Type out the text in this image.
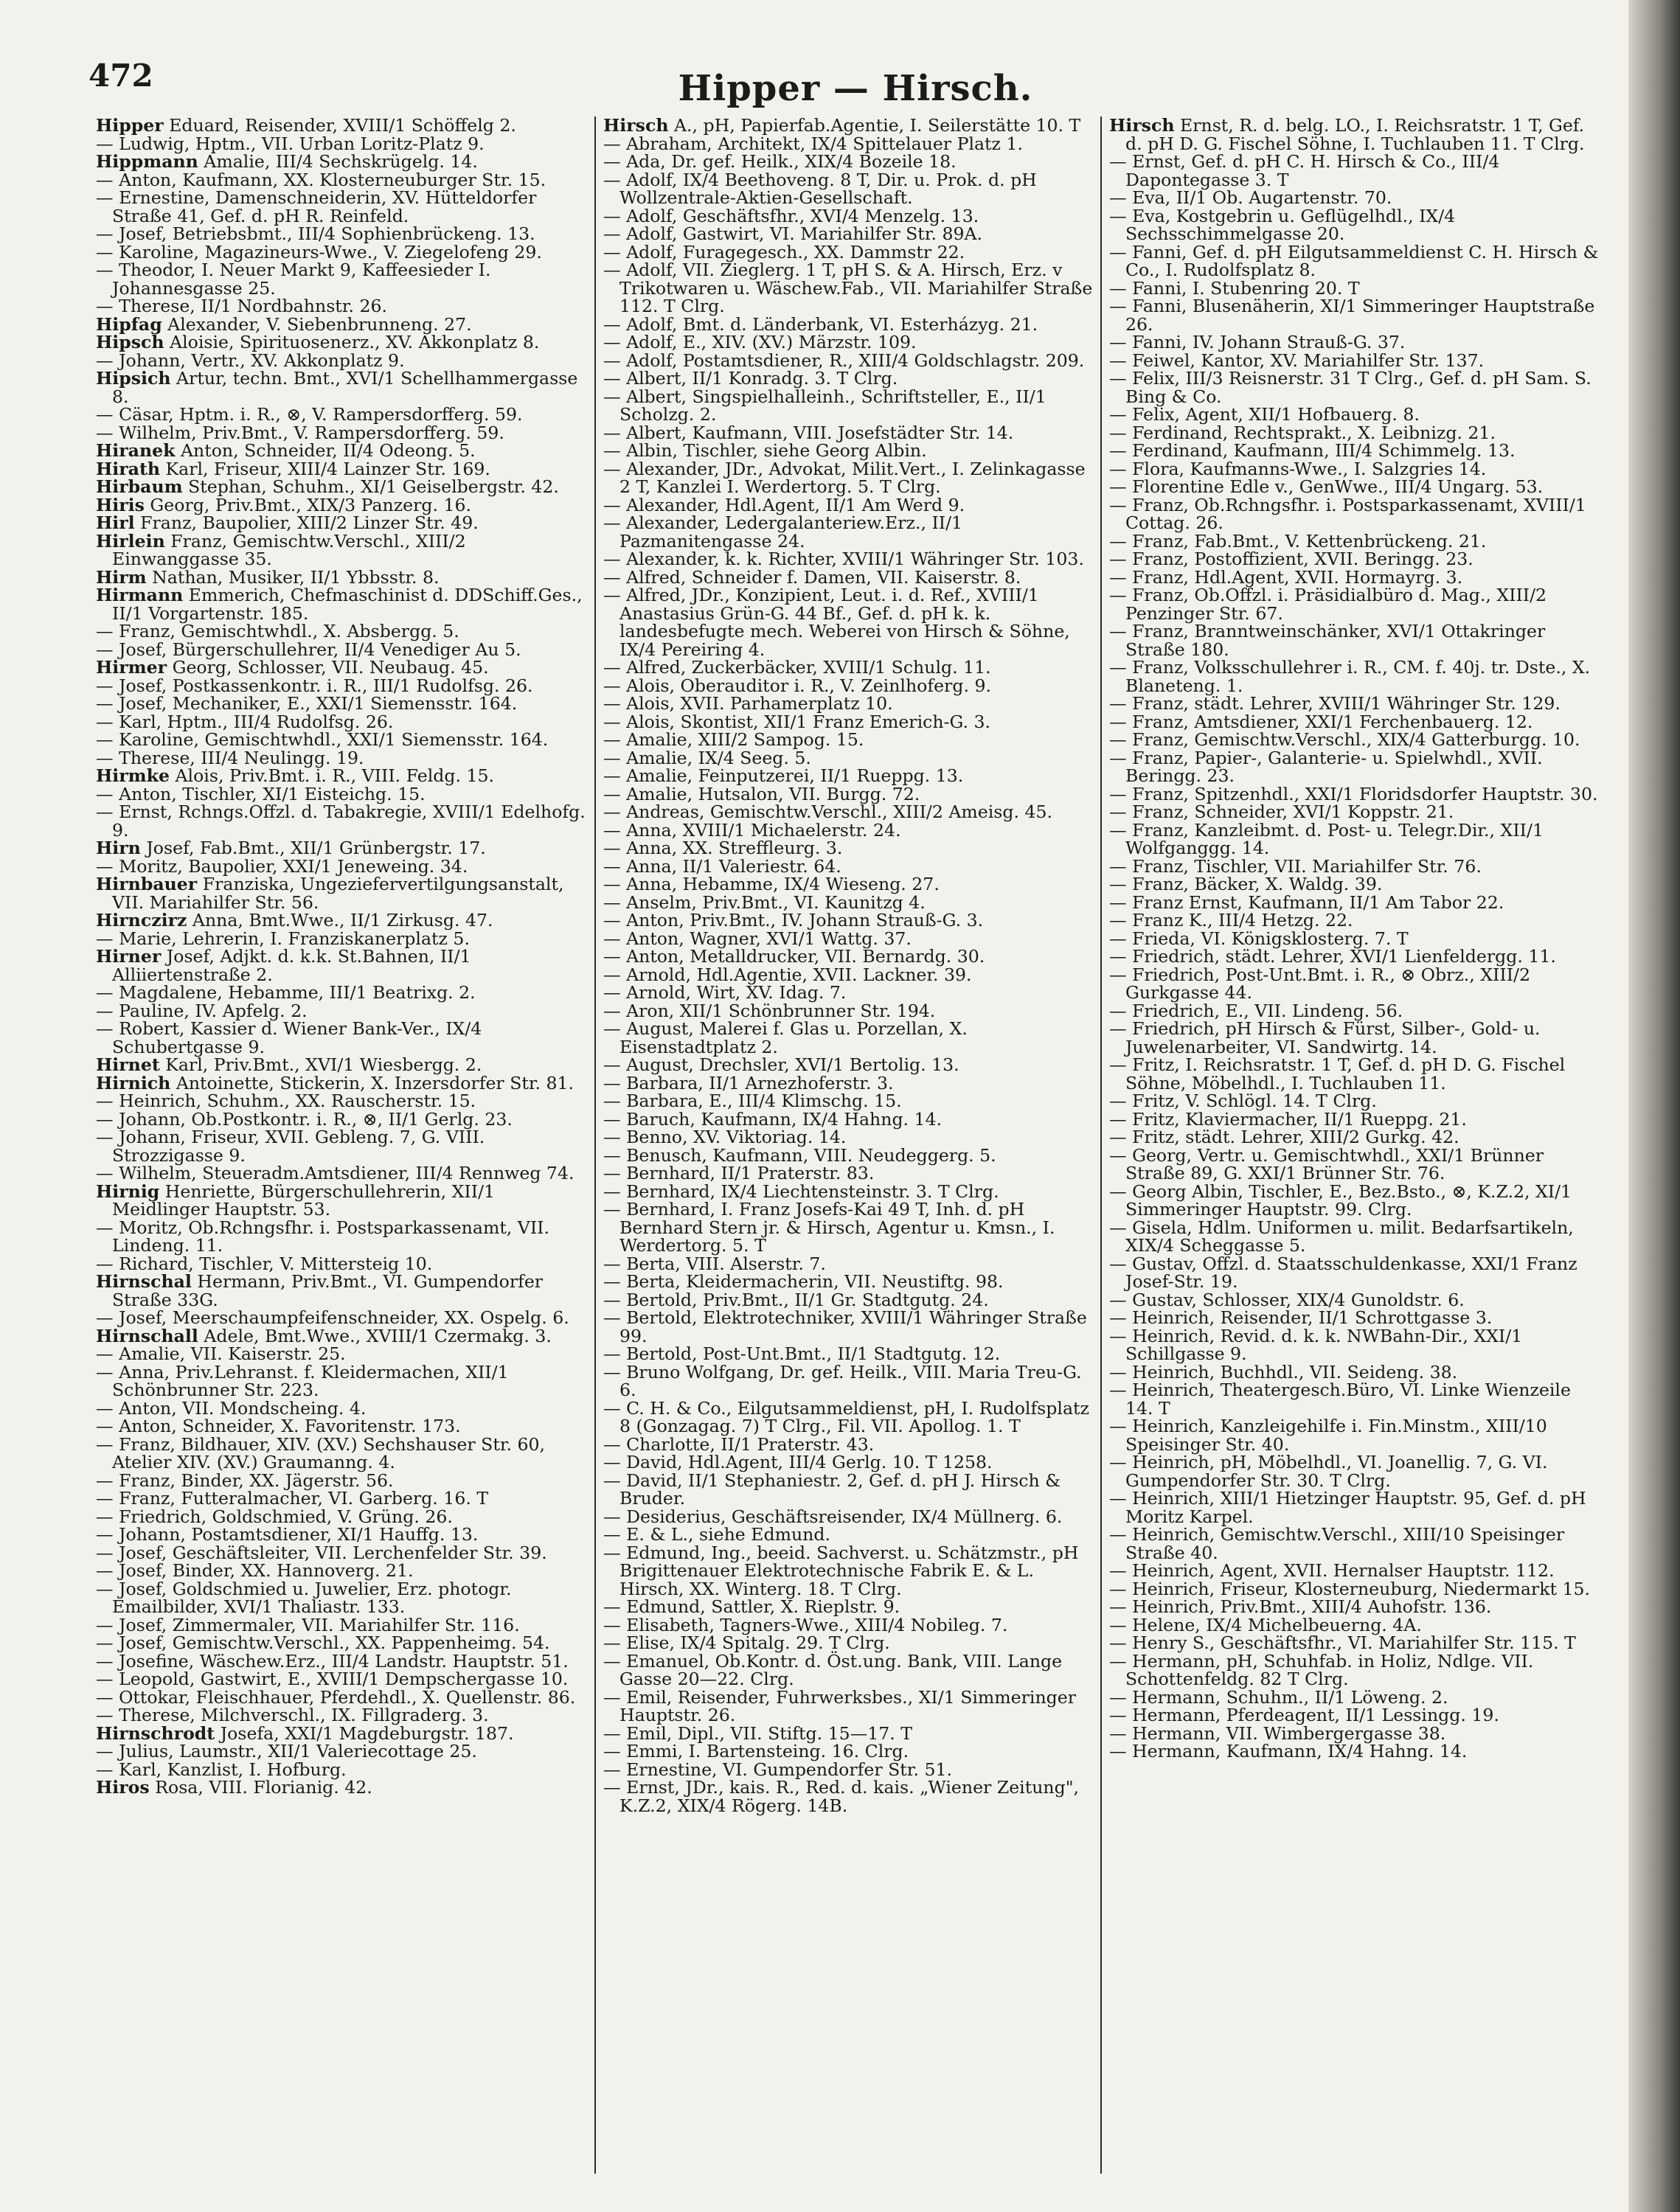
472	Hipper — Hirsch.

Hipper Eduard, Reisender, XVIII/1 Schöffelg 2.

— Ludwig, Hptm., VII. Urban Loritz-Platz 9.

Hippmann Amalie, III/4 Sechskrügelg. 14.

— Anton, Kaufmann, XX. Klosterneuburger Str. 15.

— Ernestine, Damenschneiderin, XV. Hütteldorfer Straße 41, Gef. d. pH R. Reinfeld.

— Josef, Betriebsbmt., III/4 Sophienbrückeng. 13.

— Karoline, Magazineurs-Wwe., V. Ziegelofeng 29.

— Theodor, I. Neuer Markt 9, Kaffeesieder I. Johannesgasse 25.

— Therese, II/1 Nordbahnstr. 26.

Hipfag Alexander, V. Siebenbrunneng. 27.

Hipsch Aloisie, Spirituosenerz., XV. Akkonplatz 8.

— Johann, Vertr., XV. Akkonplatz 9.

Hipsich Artur, techn. Bmt., XVI/1 Schellhammergasse 8.

— Cäsar, Hptm. i. R., ⊗, V. Rampersdorfferg. 59.

— Wilhelm, Priv.Bmt., V. Rampersdorfferg. 59.

Hiranek Anton, Schneider, II/4 Odeong. 5.

Hirath Karl, Friseur, XIII/4 Lainzer Str. 169.

Hirbaum Stephan, Schuhm., XI/1 Geiselbergstr. 42.

Hiris Georg, Priv.Bmt., XIX/3 Panzerg. 16.

Hirl Franz, Baupolier, XIII/2 Linzer Str. 49.

Hirlein Franz, Gemischtw.Verschl., XIII/2 Einwanggasse 35.

Hirm Nathan, Musiker, II/1 Ybbsstr. 8.

Hirmann Emmerich, Chefmaschinist d. DDSchiff.Ges., II/1 Vorgartenstr. 185.

— Franz, Gemischtwhdl., X. Absbergg. 5.

— Josef, Bürgerschullehrer, II/4 Venediger Au 5.

Hirmer Georg, Schlosser, VII. Neubaug. 45.

— Josef, Postkassenkontr. i. R., III/1 Rudolfsg. 26.

— Josef, Mechaniker, E., XXI/1 Siemensstr. 164.

— Karl, Hptm., III/4 Rudolfsg. 26.

— Karoline, Gemischtwhdl., XXI/1 Siemensstr. 164.

— Therese, III/4 Neulingg. 19.

Hirmke Alois, Priv.Bmt. i. R., VIII. Feldg. 15.

— Anton, Tischler, XI/1 Eisteichg. 15.

— Ernst, Rchngs.Offzl. d. Tabakregie, XVIII/1 Edelhofg. 9.

Hirn Josef, Fab.Bmt., XII/1 Grünbergstr. 17.

— Moritz, Baupolier, XXI/1 Jeneweing. 34.

Hirnbauer Franziska, Ungeziefervertilgungsanstalt, VII. Mariahilfer Str. 56.

Hirnczirz Anna, Bmt.Wwe., II/1 Zirkusg. 47.

— Marie, Lehrerin, I. Franziskanerplatz 5.

Hirner Josef, Adjkt. d. k.k. St.Bahnen, II/1 Alliiertenstraße 2.

— Magdalene, Hebamme, III/1 Beatrixg. 2.

— Pauline, IV. Apfelg. 2.

— Robert, Kassier d. Wiener Bank-Ver., IX/4 Schubertgasse 9.

Hirnet Karl, Priv.Bmt., XVI/1 Wiesbergg. 2.

Hirnich Antoinette, Stickerin, X. Inzersdorfer Str. 81.

— Heinrich, Schuhm., XX. Rauscherstr. 15.

— Johann, Ob.Postkontr. i. R., ⊗, II/1 Gerlg. 23.

— Johann, Friseur, XVII. Gebleng. 7, G. VIII. Strozzigasse 9.

— Wilhelm, Steueradm.Amtsdiener, III/4 Rennweg 74.

Hirnig Henriette, Bürgerschullehrerin, XII/1 Meidlinger Hauptstr. 53.

— Moritz, Ob.Rchngsfhr. i. Postsparkassenamt, VII. Lindeng. 11.

— Richard, Tischler, V. Mittersteig 10.

Hirnschal Hermann, Priv.Bmt., VI. Gumpendorfer Straße 33G.

— Josef, Meerschaumpfeifenschneider, XX. Ospelg. 6.

Hirnschall Adele, Bmt.Wwe., XVIII/1 Czermakg. 3.

— Amalie, VII. Kaiserstr. 25.

— Anna, Priv.Lehranst. f. Kleidermachen, XII/1 Schönbrunner Str. 223.

— Anton, VII. Mondscheing. 4.

— Anton, Schneider, X. Favoritenstr. 173.

— Franz, Bildhauer, XIV. (XV.) Sechshauser Str. 60, Atelier XIV. (XV.) Graumanng. 4.

— Franz, Binder, XX. Jägerstr. 56.

— Franz, Futteralmacher, VI. Garberg. 16. T

— Friedrich, Goldschmied, V. Grüng. 26.

— Johann, Postamtsdiener, XI/1 Hauffg. 13.

— Josef, Geschäftsleiter, VII. Lerchenfelder Str. 39.

— Josef, Binder, XX. Hannoverg. 21.

— Josef, Goldschmied u. Juwelier, Erz. photogr. Emailbilder, XVI/1 Thaliastr. 133.

— Josef, Zimmermaler, VII. Mariahilfer Str. 116.

— Josef, Gemischtw.Verschl., XX. Pappenheimg. 54.

— Josefine, Wäschew.Erz., III/4 Landstr. Hauptstr. 51.

— Leopold, Gastwirt, E., XVIII/1 Dempschergasse 10.

— Ottokar, Fleischhauer, Pferdehdl., X. Quellenstr. 86.

— Therese, Milchverschl., IX. Fillgraderg. 3.

Hirnschrodt Josefa, XXI/1 Magdeburgstr. 187.

— Julius, Laumstr., XII/1 Valeriecottage 25.

— Karl, Kanzlist, I. Hofburg.

Hiros Rosa, VIII. Florianig. 42.

Hirsch A., pH, Papierfab.Agentie, I. Seilerstätte 10. T

— Abraham, Architekt, IX/4 Spittelauer Platz 1.

— Ada, Dr. gef. Heilk., XIX/4 Bozeile 18.

— Adolf, IX/4 Beethoveng. 8 T, Dir. u. Prok. d. pH Wollzentrale-Aktien-Gesellschaft.

— Adolf, Geschäftsfhr., XVI/4 Menzelg. 13.

— Adolf, Gastwirt, VI. Mariahilfer Str. 89A.

— Adolf, Furagegesch., XX. Dammstr 22.

— Adolf, VII. Zieglerg. 1 T, pH S. & A. Hirsch, Erz. v Trikotwaren u. Wäschew.Fab., VII. Mariahilfer Straße 112. T Clrg.

— Adolf, Bmt. d. Länderbank, VI. Esterházyg. 21.

— Adolf, E., XIV. (XV.) Märzstr. 109.

— Adolf, Postamtsdiener, R., XIII/4 Goldschlagstr. 209.

— Albert, II/1 Konradg. 3. T Clrg.

— Albert, Singspielhalleinh., Schriftsteller, E., II/1 Scholzg. 2.

— Albert, Kaufmann, VIII. Josefstädter Str. 14.

— Albin, Tischler, siehe Georg Albin.

— Alexander, JDr., Advokat, Milit.Vert., I. Zelinkagasse 2 T, Kanzlei I. Werdertorg. 5. T Clrg.

— Alexander, Hdl.Agent, II/1 Am Werd 9.

— Alexander, Ledergalanteriew.Erz., II/1 Pazmanitengasse 24.

— Alexander, k. k. Richter, XVIII/1 Währinger Str. 103.

— Alfred, Schneider f. Damen, VII. Kaiserstr. 8.

— Alfred, JDr., Konzipient, Leut. i. d. Ref., XVIII/1 Anastasius Grün-G. 44 Bf., Gef. d. pH k. k. landesbefugte mech. Weberei von Hirsch & Söhne, IX/4 Pereiring 4.

— Alfred, Zuckerbäcker, XVIII/1 Schulg. 11.

— Alois, Oberauditor i. R., V. Zeinlhoferg. 9.

— Alois, XVII. Parhamerplatz 10.

— Alois, Skontist, XII/1 Franz Emerich-G. 3.

— Amalie, XIII/2 Sampog. 15.

— Amalie, IX/4 Seeg. 5.

— Amalie, Feinputzerei, II/1 Rueppg. 13.

— Amalie, Hutsalon, VII. Burgg. 72.

— Andreas, Gemischtw.Verschl., XIII/2 Ameisg. 45.

— Anna, XVIII/1 Michaelerstr. 24.

— Anna, XX. Streffleurg. 3.

— Anna, II/1 Valeriestr. 64.

— Anna, Hebamme, IX/4 Wieseng. 27.

— Anselm, Priv.Bmt., VI. Kaunitzg 4.

— Anton, Priv.Bmt., IV. Johann Strauß-G. 3.

— Anton, Wagner, XVI/1 Wattg. 37.

— Anton, Metalldrucker, VII. Bernardg. 30.

— Arnold, Hdl.Agentie, XVII. Lackner. 39.

— Arnold, Wirt, XV. Idag. 7.

— Aron, XII/1 Schönbrunner Str. 194.

— August, Malerei f. Glas u. Porzellan, X. Eisenstadtplatz 2.

— August, Drechsler, XVI/1 Bertolig. 13.

— Barbara, II/1 Arnezhoferstr. 3.

— Barbara, E., III/4 Klimschg. 15.

— Baruch, Kaufmann, IX/4 Hahng. 14.

— Benno, XV. Viktoriag. 14.

— Benusch, Kaufmann, VIII. Neudeggerg. 5.

— Bernhard, II/1 Praterstr. 83.

— Bernhard, IX/4 Liechtensteinstr. 3. T Clrg.

— Bernhard, I. Franz Josefs-Kai 49 T, Inh. d. pH Bernhard Stern jr. & Hirsch, Agentur u. Kmsn., I. Werdertorg. 5. T

— Berta, VIII. Alserstr. 7.

— Berta, Kleidermacherin, VII. Neustiftg. 98.

— Bertold, Priv.Bmt., II/1 Gr. Stadtgutg. 24.

— Bertold, Elektrotechniker, XVIII/1 Währinger Straße 99.

— Bertold, Post-Unt.Bmt., II/1 Stadtgutg. 12.

— Bruno Wolfgang, Dr. gef. Heilk., VIII. Maria Treu-G. 6.

— C. H. & Co., Eilgutsammeldienst, pH, I. Rudolfsplatz 8 (Gonzagag. 7) T Clrg., Fil. VII. Apollog. 1. T

— Charlotte, II/1 Praterstr. 43.

— David, Hdl.Agent, III/4 Gerlg. 10. T 1258.

— David, II/1 Stephaniestr. 2, Gef. d. pH J. Hirsch & Bruder.

— Desiderius, Geschäftsreisender, IX/4 Müllnerg. 6.

— E. & L., siehe Edmund.

— Edmund, Ing., beeid. Sachverst. u. Schätzmstr., pH Brigittenauer Elektrotechnische Fabrik E. & L. Hirsch, XX. Winterg. 18. T Clrg.

— Edmund, Sattler, X. Rieplstr. 9.

— Elisabeth, Tagners-Wwe., XIII/4 Nobileg. 7.

— Elise, IX/4 Spitalg. 29. T Clrg.

— Emanuel, Ob.Kontr. d. Öst.ung. Bank, VIII. Lange Gasse 20—22. Clrg.

— Emil, Reisender, Fuhrwerksbes., XI/1 Simmeringer Hauptstr. 26.

— Emil, Dipl., VII. Stiftg. 15—17. T

— Emmi, I. Bartensteing. 16. Clrg.

— Ernestine, VI. Gumpendorfer Str. 51.

— Ernst, JDr., kais. R., Red. d. kais. „Wiener Zeitung", K.Z.2, XIX/4 Rögerg. 14B.

Hirsch Ernst, R. d. belg. LO., I. Reichsratstr. 1 T, Gef. d. pH D. G. Fischel Söhne, I. Tuchlauben 11. T Clrg.

— Ernst, Gef. d. pH C. H. Hirsch & Co., III/4 Dapontegasse 3. T

— Eva, II/1 Ob. Augartenstr. 70.

— Eva, Kostgebrin u. Geflügelhdl., IX/4 Sechsschimmelgasse 20.

— Fanni, Gef. d. pH Eilgutsammeldienst C. H. Hirsch & Co., I. Rudolfsplatz 8.

— Fanni, I. Stubenring 20. T

— Fanni, Blusenäherin, XI/1 Simmeringer Hauptstraße 26.

— Fanni, IV. Johann Strauß-G. 37.

— Feiwel, Kantor, XV. Mariahilfer Str. 137.

— Felix, III/3 Reisnerstr. 31 T Clrg., Gef. d. pH Sam. S. Bing & Co.

— Felix, Agent, XII/1 Hofbauerg. 8.

— Ferdinand, Rechtsprakt., X. Leibnizg. 21.

— Ferdinand, Kaufmann, III/4 Schimmelg. 13.

— Flora, Kaufmanns-Wwe., I. Salzgries 14.

— Florentine Edle v., GenWwe., III/4 Ungarg. 53.

— Franz, Ob.Rchngsfhr. i. Postsparkassenamt, XVIII/1 Cottag. 26.

— Franz, Fab.Bmt., V. Kettenbrückeng. 21.

— Franz, Postoffizient, XVII. Beringg. 23.

— Franz, Hdl.Agent, XVII. Hormayrg. 3.

— Franz, Ob.Offzl. i. Präsidialbüro d. Mag., XIII/2 Penzinger Str. 67.

— Franz, Branntweinschänker, XVI/1 Ottakringer Straße 180.

— Franz, Volksschullehrer i. R., CM. f. 40j. tr. Dste., X. Blaneteng. 1.

— Franz, städt. Lehrer, XVIII/1 Währinger Str. 129.

— Franz, Amtsdiener, XXI/1 Ferchenbauerg. 12.

— Franz, Gemischtw.Verschl., XIX/4 Gatterburgg. 10.

— Franz, Papier-, Galanterie- u. Spielwhdl., XVII. Beringg. 23.

— Franz, Spitzenhdl., XXI/1 Floridsdorfer Hauptstr. 30.

— Franz, Schneider, XVI/1 Koppstr. 21.

— Franz, Kanzleibmt. d. Post- u. Telegr.Dir., XII/1 Wolfganggg. 14.

— Franz, Tischler, VII. Mariahilfer Str. 76.

— Franz, Bäcker, X. Waldg. 39.

— Franz Ernst, Kaufmann, II/1 Am Tabor 22.

— Franz K., III/4 Hetzg. 22.

— Frieda, VI. Königsklosterg. 7. T

— Friedrich, städt. Lehrer, XVI/1 Lienfeldergg. 11.

— Friedrich, Post-Unt.Bmt. i. R., ⊗ Obrz., XIII/2 Gurkgasse 44.

— Friedrich, E., VII. Lindeng. 56.

— Friedrich, pH Hirsch & Fürst, Silber-, Gold- u. Juwelenarbeiter, VI. Sandwirtg. 14.

— Fritz, I. Reichsratstr. 1 T, Gef. d. pH D. G. Fischel Söhne, Möbelhdl., I. Tuchlauben 11.

— Fritz, V. Schlögl. 14. T Clrg.

— Fritz, Klaviermacher, II/1 Rueppg. 21.

— Fritz, städt. Lehrer, XIII/2 Gurkg. 42.

— Georg, Vertr. u. Gemischtwhdl., XXI/1 Brünner Straße 89, G. XXI/1 Brünner Str. 76.

— Georg Albin, Tischler, E., Bez.Bsto., ⊗, K.Z.2, XI/1 Simmeringer Hauptstr. 99. Clrg.

— Gisela, Hdlm. Uniformen u. milit. Bedarfsartikeln, XIX/4 Scheggasse 5.

— Gustav, Offzl. d. Staatsschuldenkasse, XXI/1 Franz Josef-Str. 19.

— Gustav, Schlosser, XIX/4 Gunoldstr. 6.

— Heinrich, Reisender, II/1 Schrottgasse 3.

— Heinrich, Revid. d. k. k. NWBahn-Dir., XXI/1 Schillgasse 9.

— Heinrich, Buchhdl., VII. Seideng. 38.

— Heinrich, Theatergesch.Büro, VI. Linke Wienzeile 14. T

— Heinrich, Kanzleigehilfe i. Fin.Minstm., XIII/10 Speisinger Str. 40.

— Heinrich, pH, Möbelhdl., VI. Joanellig. 7, G. VI. Gumpendorfer Str. 30. T Clrg.

— Heinrich, XIII/1 Hietzinger Hauptstr. 95, Gef. d. pH Moritz Karpel.

— Heinrich, Gemischtw.Verschl., XIII/10 Speisinger Straße 40.

— Heinrich, Agent, XVII. Hernalser Hauptstr. 112.

— Heinrich, Friseur, Klosterneuburg, Niedermarkt 15.

— Heinrich, Priv.Bmt., XIII/4 Auhofstr. 136.

— Helene, IX/4 Michelbeuerng. 4A.

— Henry S., Geschäftsfhr., VI. Mariahilfer Str. 115. T

— Hermann, pH, Schuhfab. in Holiz, Ndlge. VII. Schottenfeldg. 82 T Clrg.

— Hermann, Schuhm., II/1 Löweng. 2.

— Hermann, Pferdeagent, II/1 Lessingg. 19.

— Hermann, VII. Wimbergergasse 38.

— Hermann, Kaufmann, IX/4 Hahng. 14.
